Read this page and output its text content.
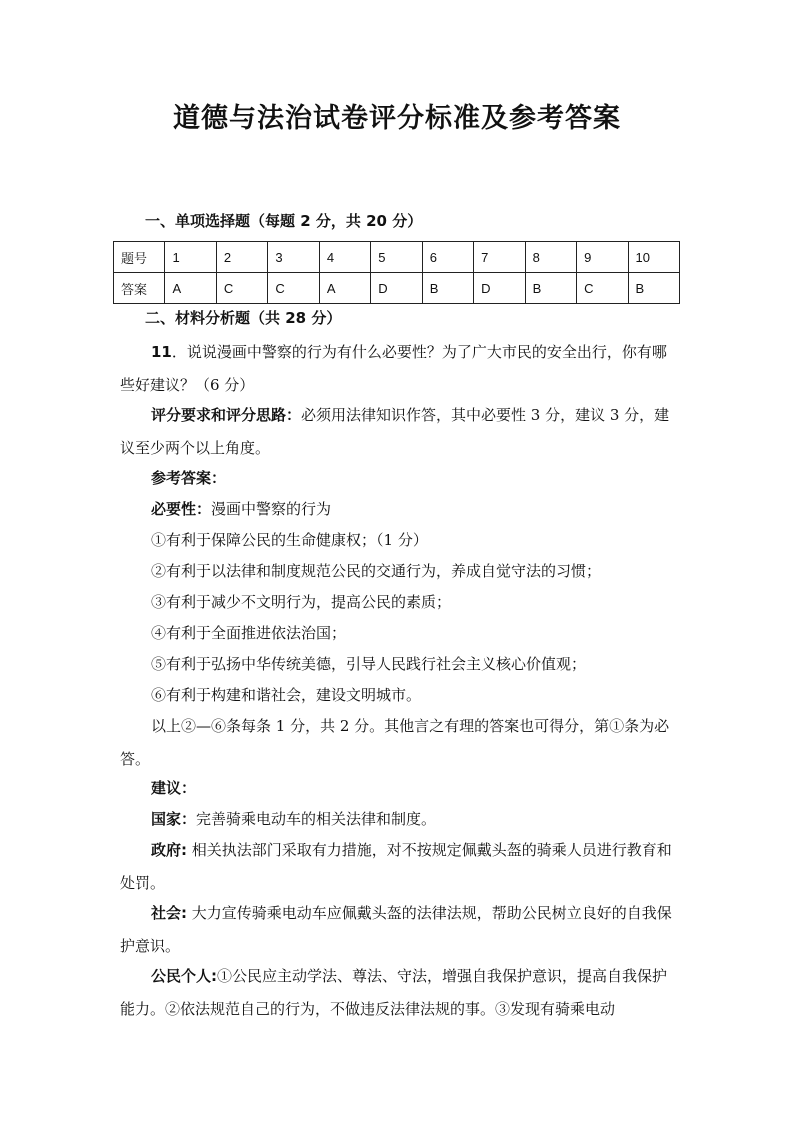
道德与法治试卷评分标准及参考答案
一、单项选择题（每题 2 分，共 20 分）
题号	1	2	3	4	5	6	7	8	9	10
答案	A	C	C	A	D	B	D	B	C	B
二、材料分析题（共 28 分）
11．说说漫画中警察的行为有什么必要性？为了广大市民的安全出行，你有哪些好建议？（6 分）
评分要求和评分思路：必须用法律知识作答，其中必要性 3 分，建议 3 分，建议至少两个以上角度。
参考答案：
必要性：漫画中警察的行为
①有利于保障公民的生命健康权；（1 分）
②有利于以法律和制度规范公民的交通行为，养成自觉守法的习惯；
③有利于减少不文明行为，提高公民的素质；
④有利于全面推进依法治国；
⑤有利于弘扬中华传统美德，引导人民践行社会主义核心价值观；
⑥有利于构建和谐社会，建设文明城市。
以上②—⑥条每条 1 分，共 2 分。其他言之有理的答案也可得分，第①条为必答。
建议：
国家：完善骑乘电动车的相关法律和制度。
政府: 相关执法部门采取有力措施，对不按规定佩戴头盔的骑乘人员进行教育和处罚。
社会: 大力宣传骑乘电动车应佩戴头盔的法律法规，帮助公民树立良好的自我保护意识。
公民个人:①公民应主动学法、尊法、守法，增强自我保护意识，提高自我保护能力。②依法规范自己的行为，不做违反法律法规的事。③发现有骑乘电动
